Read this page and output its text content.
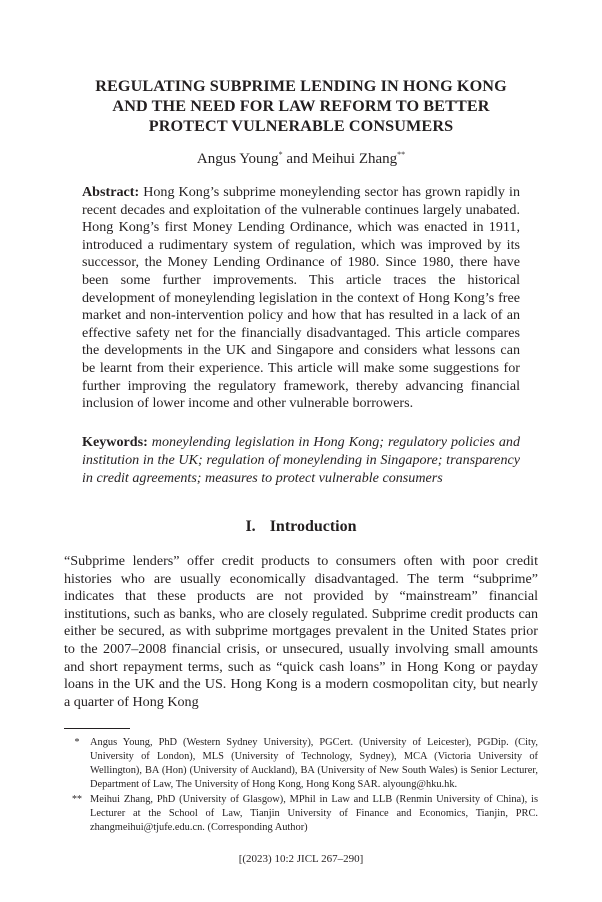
REGULATING SUBPRIME LENDING IN HONG KONG
AND THE NEED FOR LAW REFORM TO BETTER
PROTECT VULNERABLE CONSUMERS
Angus Young* and Meihui Zhang**

Abstract: Hong Kong’s subprime moneylending sector has grown rapidly in recent decades and exploitation of the vulnerable continues largely unabated. Hong Kong’s first Money Lending Ordinance, which was enacted in 1911, introduced a rudimentary system of regulation, which was improved by its successor, the Money Lending Ordinance of 1980. Since 1980, there have been some further improvements. This article traces the historical development of moneylending legislation in the context of Hong Kong’s free market and non-intervention policy and how that has resulted in a lack of an effective safety net for the financially disadvantaged. This article compares the developments in the UK and Singapore and considers what lessons can be learnt from their experience. This article will make some suggestions for further improving the regulatory framework, thereby advancing financial inclusion of lower income and other vulnerable borrowers.

Keywords: moneylending legislation in Hong Kong; regulatory policies and institution in the UK; regulation of moneylending in Singapore; transparency in credit agreements; measures to protect vulnerable consumers

I. Introduction

“Subprime lenders” offer credit products to consumers often with poor credit histories who are usually economically disadvantaged. The term “subprime” indicates that these products are not provided by “mainstream” financial institutions, such as banks, who are closely regulated. Subprime credit products can either be secured, as with subprime mortgages prevalent in the United States prior to the 2007–2008 financial crisis, or unsecured, usually involving small amounts and short repayment terms, such as “quick cash loans” in Hong Kong or payday loans in the UK and the US. Hong Kong is a modern cosmopolitan city, but nearly a quarter of Hong Kong

*	Angus Young, PhD (Western Sydney University), PGCert. (University of Leicester), PGDip. (City, University of London), MLS (University of Technology, Sydney), MCA (Victoria University of Wellington), BA (Hon) (University of Auckland), BA (University of New South Wales) is Senior Lecturer, Department of Law, The University of Hong Kong, Hong Kong SAR. alyoung@hku.hk.
** Meihui Zhang, PhD (University of Glasgow), MPhil in Law and LLB (Renmin University of China), is Lecturer at the School of Law, Tianjin University of Finance and Economics, Tianjin, PRC. zhangmeihui@tjufe.edu.cn. (Corresponding Author)
[(2023) 10:2 JICL 267–290]
